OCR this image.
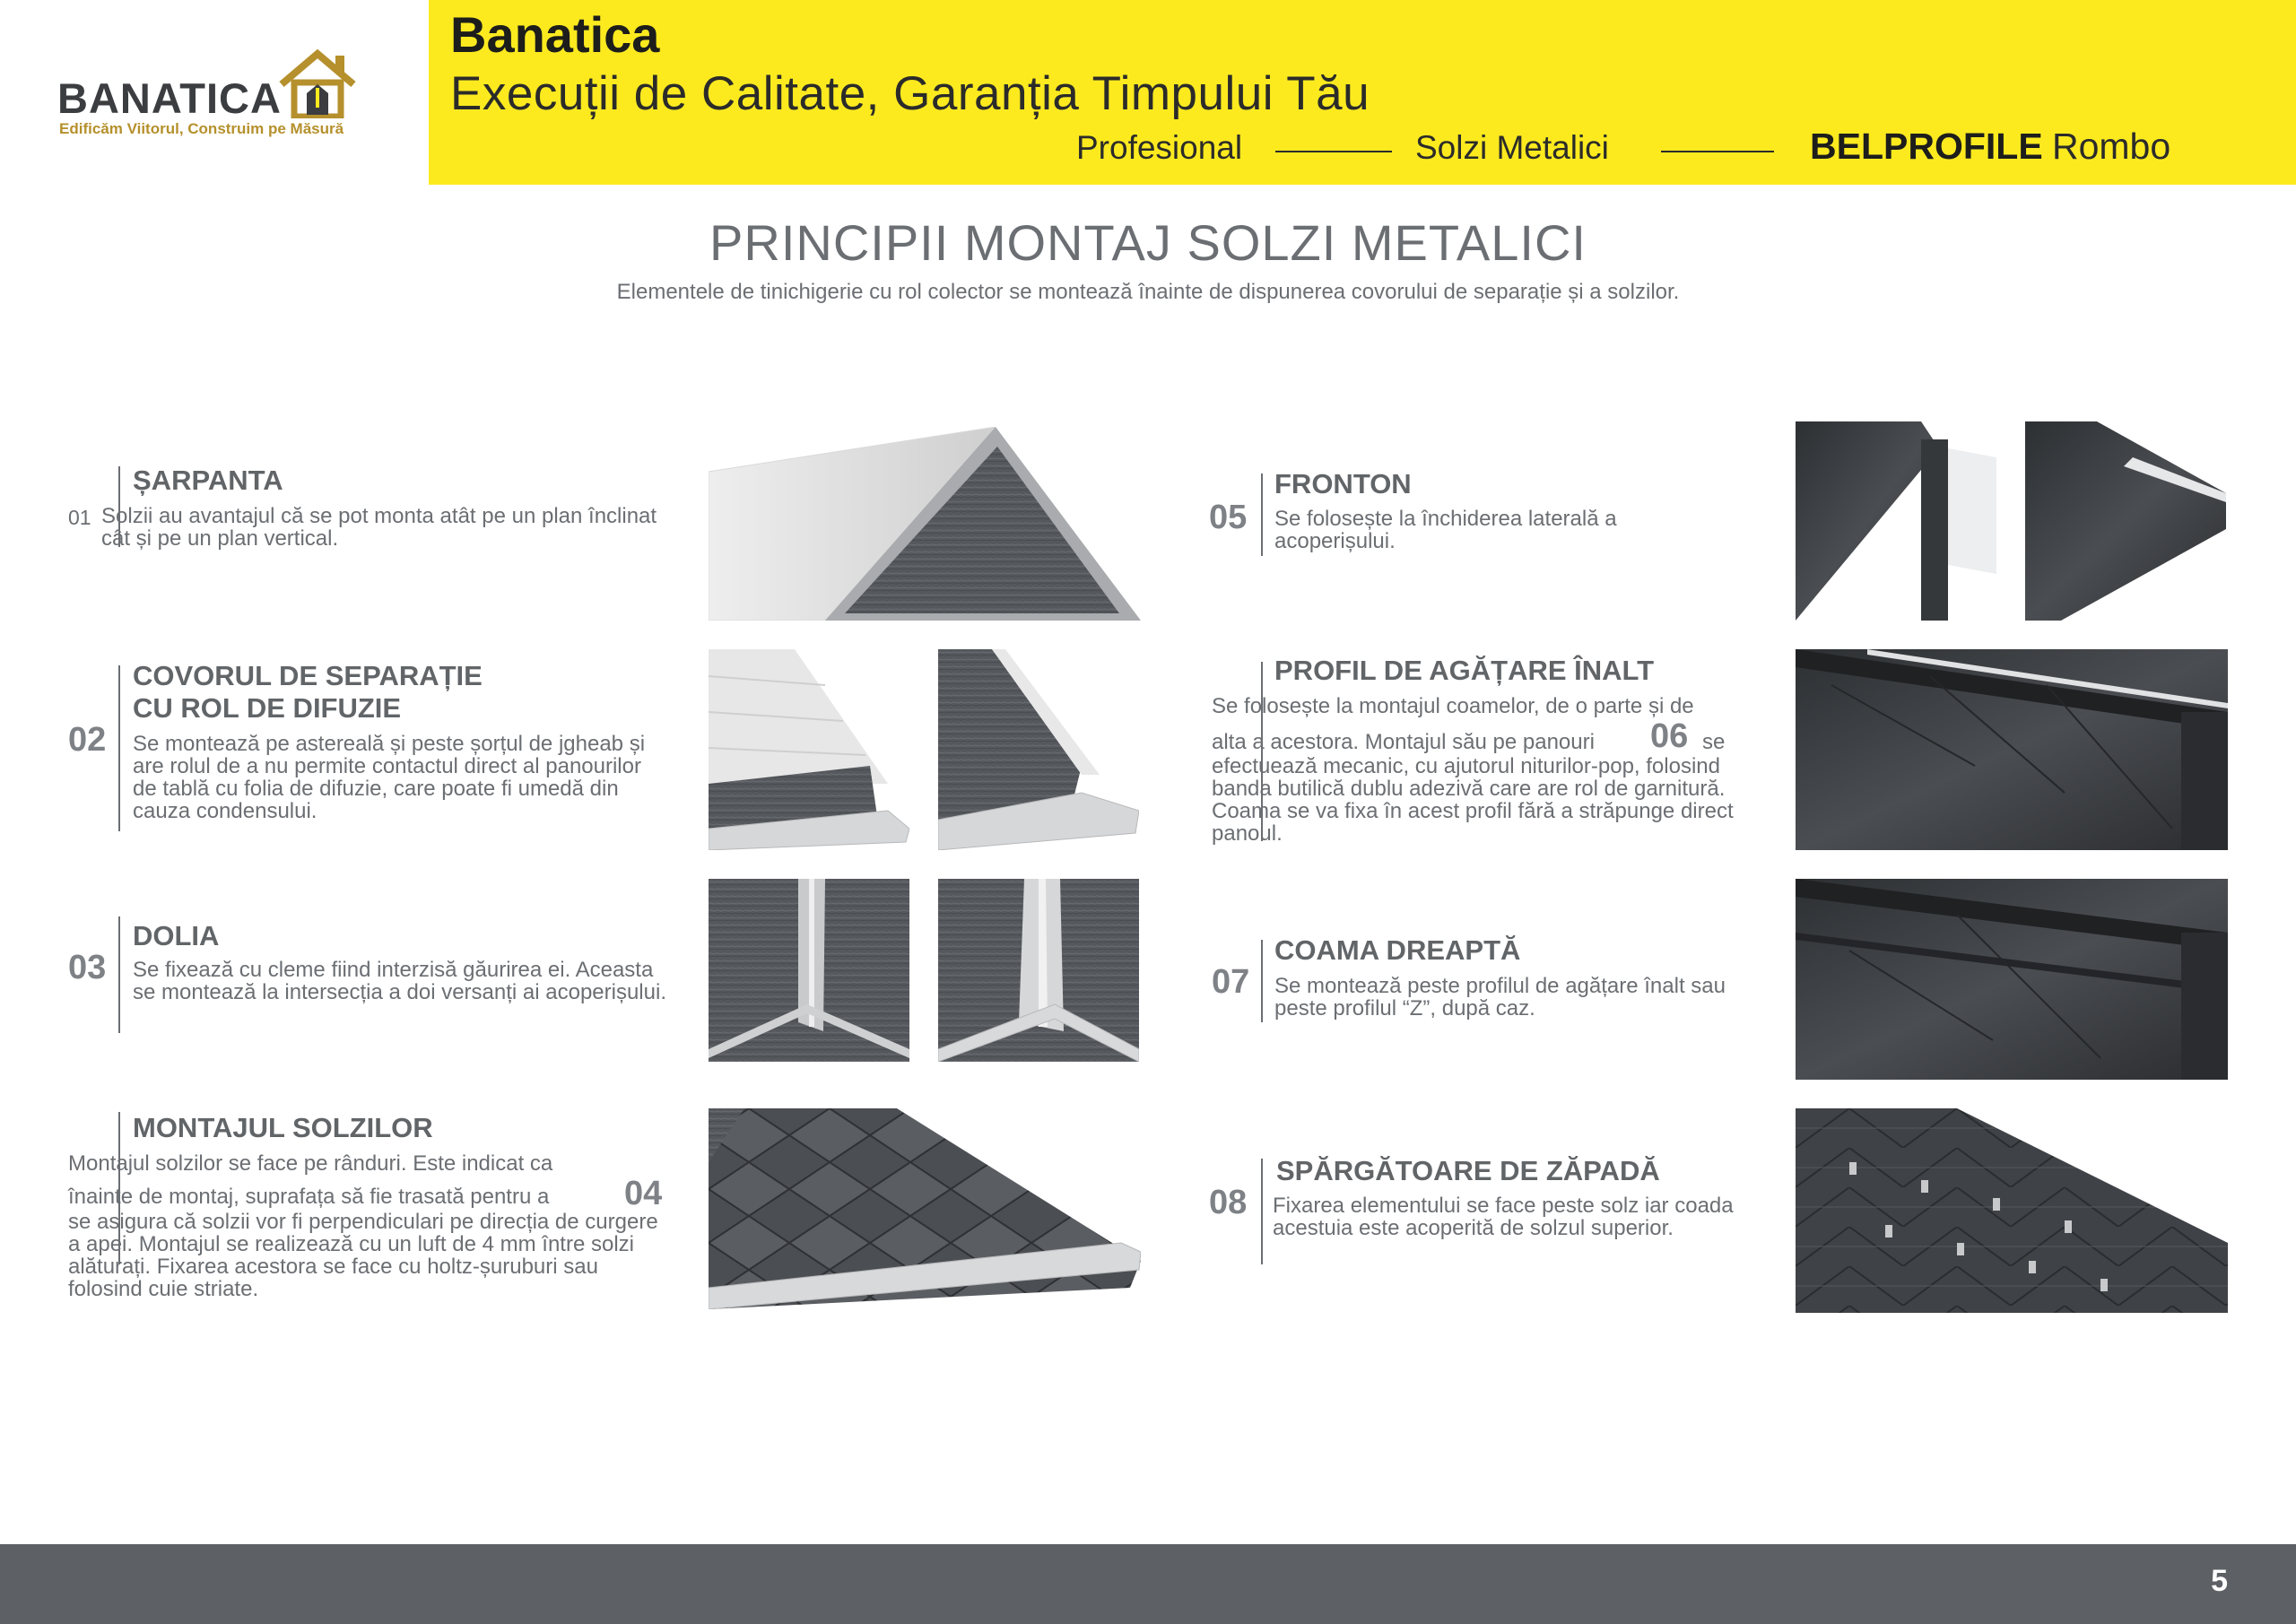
BANATICA
Edificăm Viitorul, Construim pe Măsură
Banatica
Execuții de Calitate, Garanția Timpului Tău
Profesional	Solzi Metalici	BELPROFILE Rombo
PRINCIPII MONTAJ SOLZI METALICI
Elementele de tinichigerie cu rol colector se montează înainte de dispunerea covorului de separație și a solzilor.
ȘARPANTA
01 Solzii au avantajul că se pot monta atât pe un plan înclinat cât și pe un plan vertical.
02
COVORUL DE SEPARAȚIE
CU ROL DE DIFUZIE
Se montează pe astereală și peste șorțul de jgheab și are rolul de a nu permite contactul direct al panourilor de tablă cu folia de difuzie, care poate fi umedă din cauza condensului.
03
DOLIA
Se fixează cu cleme fiind interzisă găurirea ei. Aceasta se montează la intersecția a doi versanți ai acoperișului.
MONTAJUL SOLZILOR
Montajul solzilor se face pe rânduri. Este indicat ca
înainte de montaj, suprafața să fie trasată pentru a	04
se asigura că solzii vor fi perpendiculari pe direcția de curgere a apei. Montajul se realizează cu un luft de 4 mm între solzi alăturați. Fixarea acestora se face cu holtz-șuruburi sau folosind cuie striate.
05
FRONTON
Se folosește la închiderea laterală a acoperișului.
PROFIL DE AGĂȚARE ÎNALT
Se folosește la montajul coamelor, de o parte și de
alta a acestora. Montajul său pe panouri 06 se
efectuează mecanic, cu ajutorul niturilor-pop, folosind banda butilică dublu adezivă care are rol de garnitură. Coama se va fixa în acest profil fără a străpunge direct panoul.
07
COAMA DREAPTĂ
Se montează peste profilul de agățare înalt sau peste profilul “Z”, după caz.
08
SPĂRGĂTOARE DE ZĂPADĂ
Fixarea elementului se face peste solz iar coada acestuia este acoperită de solzul superior.
5
